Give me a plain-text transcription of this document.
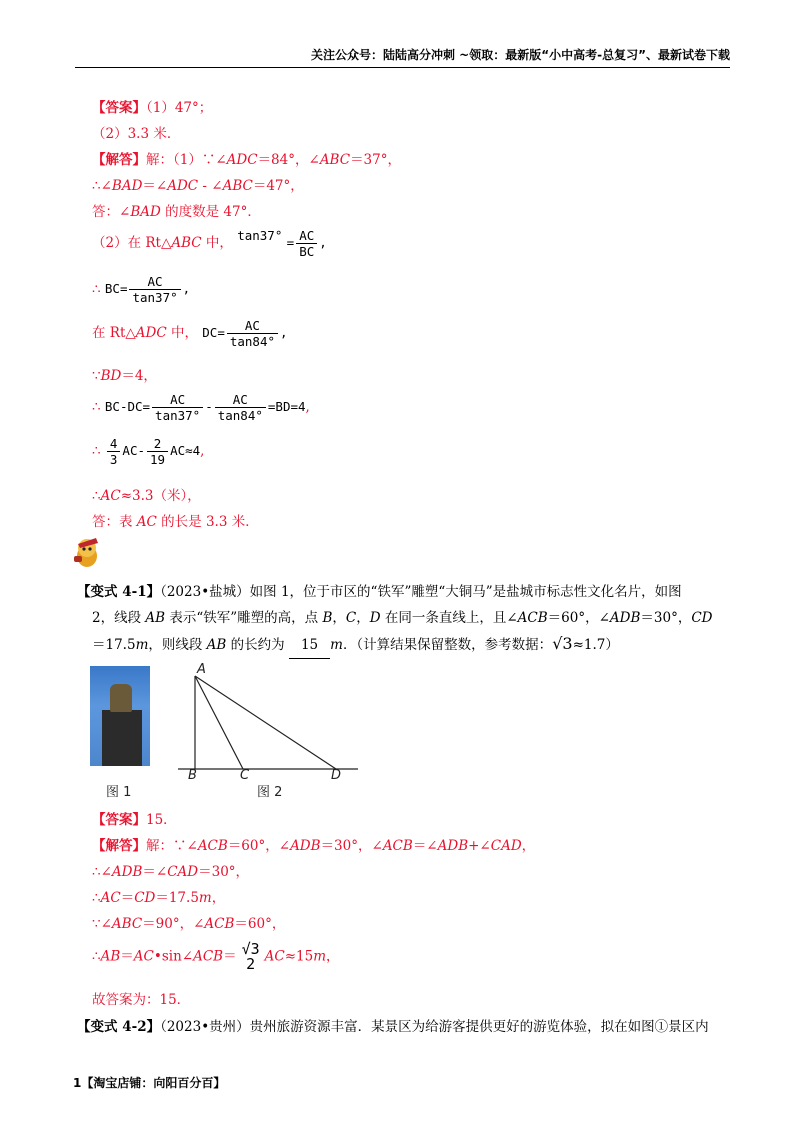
关注公众号：陆陆高分冲刺 ~领取：最新版“小中高考-总复习”、最新试卷下载
【答案】（1）47°；
（2）3.3 米．
【解答】解：（1）∵∠ADC＝84°，∠ABC＝37°，
∴∠BAD＝∠ADC - ∠ABC＝47°，
答：∠BAD 的度数是 47°．
（2）在 Rt△ABC 中， $\tan 37^\circ = \frac{AC}{BC}$ ,
∴ $BC= \frac{AC}{\tan 37^\circ}$ ,
在 Rt△ADC 中， $DC= \frac{AC}{\tan 84^\circ}$ ,
∵BD＝4，
∴ $BC-DC= \frac{AC}{\tan 37^\circ} - \frac{AC}{\tan 84^\circ} =BD=4$,
∴ $\frac{4}{3} AC- \frac{2}{19} AC\approx 4$,
∴AC≈3.3（米），
答：表 AC 的长是 3.3 米．
【变式 4-1】（2023•盐城）如图 1，位于市区的“铁军”雕塑“大铜马”是盐城市标志性文化名片，如图
2，线段 AB 表示“铁军”雕塑的高，点 B，C，D 在同一条直线上，且∠ACB＝60°，∠ADB＝30°，CD
＝17.5m，则线段 AB 的长约为 15 m．（计算结果保留整数，参考数据：√3≈1.7）
图 1
A
B	C	D
图 2
【答案】15．
【解答】解：∵∠ACB＝60°，∠ADB＝30°，∠ACB＝∠ADB+∠CAD，
∴∠ADB＝∠CAD＝30°，
∴AC＝CD＝17.5m，
∵∠ABC＝90°，∠ACB＝60°，
∴AB＝AC•sin∠ACB＝ √3
2 AC≈15m，
故答案为：15．
【变式 4-2】（2023•贵州）贵州旅游资源丰富．某景区为给游客提供更好的游览体验，拟在如图①景区内
1【淘宝店铺：向阳百分百】
